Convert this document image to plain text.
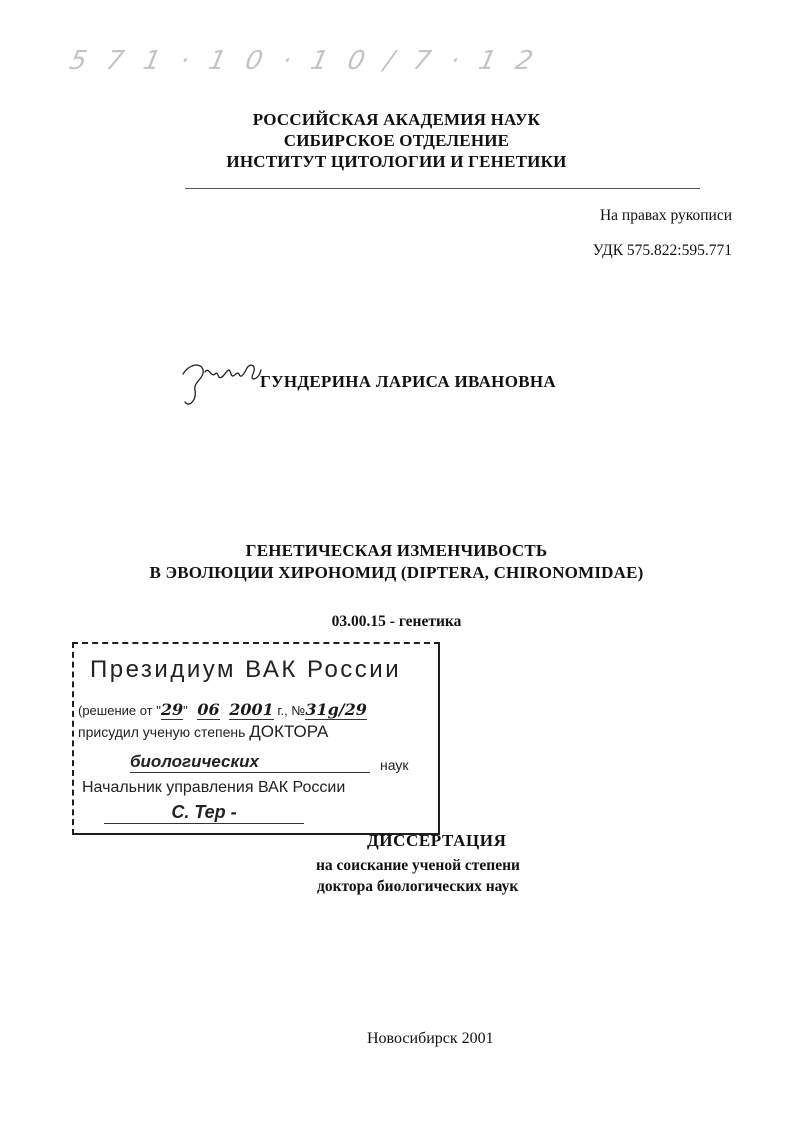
5 7 1 · 1 0 · 1 0 / 7 · 1 2
РОССИЙСКАЯ АКАДЕМИЯ НАУК
СИБИРСКОЕ ОТДЕЛЕНИЕ
ИНСТИТУТ ЦИТОЛОГИИ И ГЕНЕТИКИ
На правах рукописи
УДК 575.822:595.771
ГУНДЕРИНА ЛАРИСА ИВАНОВНА
ГЕНЕТИЧЕСКАЯ ИЗМЕНЧИВОСТЬ
В ЭВОЛЮЦИИ ХИРОНОМИД (DIPTERA, CHIRONOMIDAE)
03.00.15 - генетика
Президиум ВАК России
(решение от "29" 06 2001 г., №31g/29
присудил ученую степень ДОКТОРА
биологических	наук
Начальник управления ВАК России
С. Тер -
ДИССЕРТАЦИЯ
на соискание ученой степени
доктора биологических наук
Новосибирск 2001
